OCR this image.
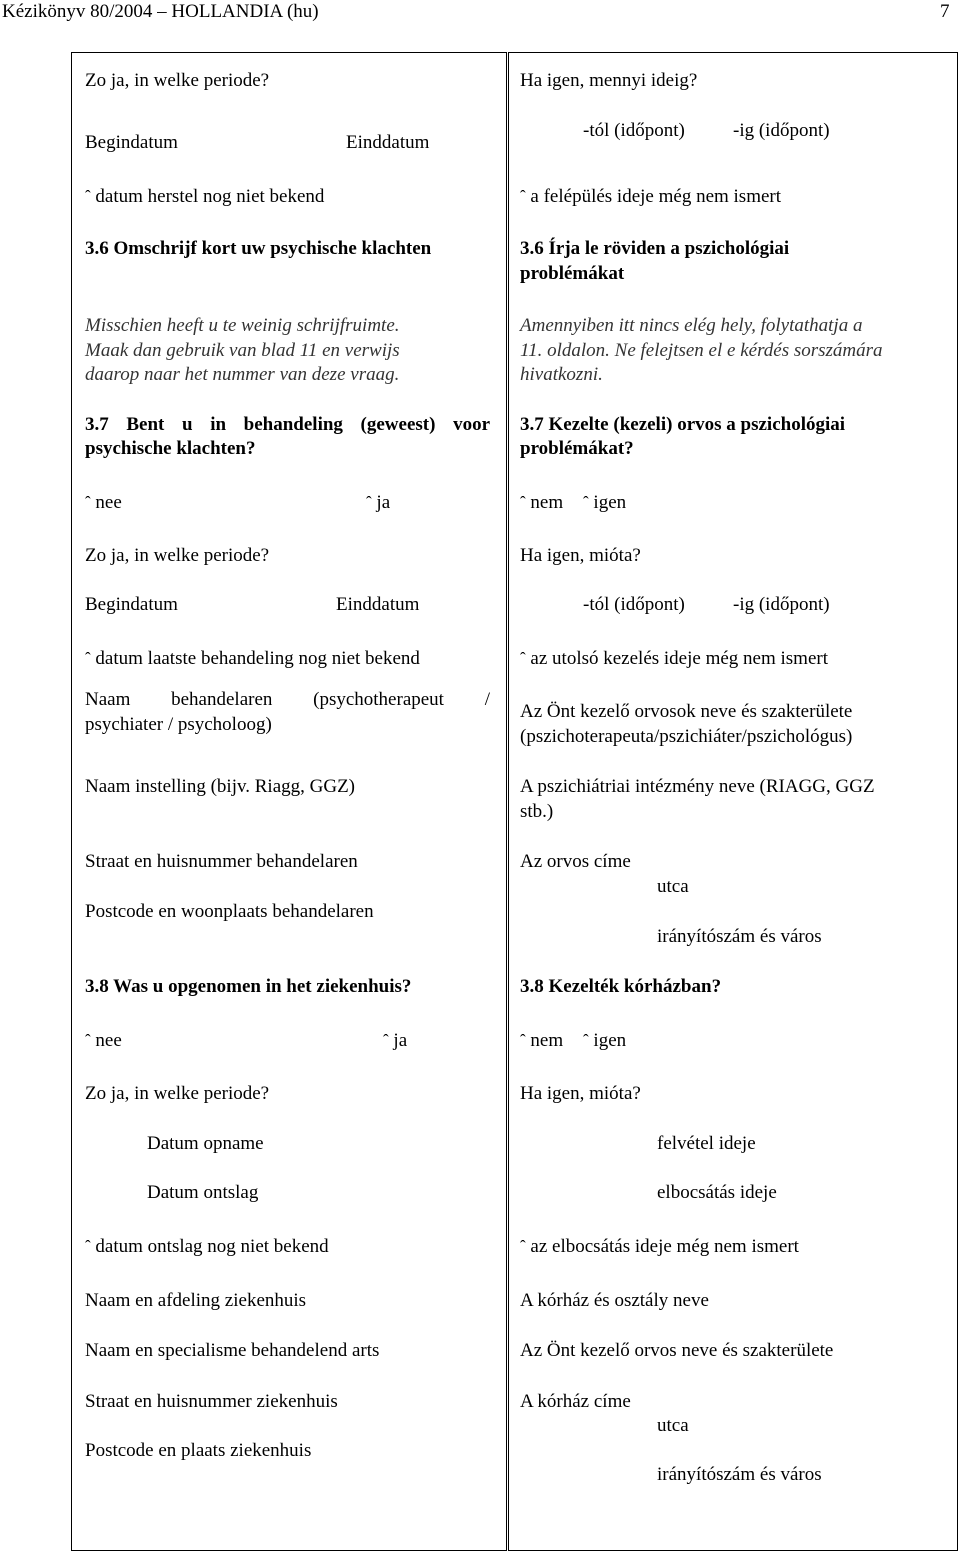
Kézikönyv 80/2004 – HOLLANDIA (hu)	7
Zo ja, in welke periode?
Begindatum	Einddatum
ˆ datum herstel nog niet bekend
3.6 Omschrijf kort uw psychische klachten
Misschien heeft u te weinig schrijfruimte.
Maak dan gebruik van blad 11 en verwijs
daarop naar het nummer van deze vraag.
3.7 Bent u in behandeling (geweest) voor
psychische klachten?
ˆ nee	ˆ ja
Zo ja, in welke periode?
Begindatum	Einddatum
ˆ datum laatste behandeling nog niet bekend
Naam behandelaren (psychotherapeut /
psychiater / psycholoog)
Naam instelling (bijv. Riagg, GGZ)
Straat en huisnummer behandelaren
Postcode en woonplaats behandelaren
3.8 Was u opgenomen in het ziekenhuis?
ˆ nee	ˆ ja
Zo ja, in welke periode?
Datum opname
Datum ontslag
ˆ datum ontslag nog niet bekend
Naam en afdeling ziekenhuis
Naam en specialisme behandelend arts
Straat en huisnummer ziekenhuis
Postcode en plaats ziekenhuis
Ha igen, mennyi ideig?
-tól (időpont)	-ig (időpont)
ˆ a felépülés ideje még nem ismert
3.6 Írja le röviden a pszichológiai
problémákat
Amennyiben itt nincs elég hely, folytathatja a
11. oldalon. Ne felejtsen el e kérdés sorszámára
hivatkozni.
3.7 Kezelte (kezeli) orvos a pszichológiai
problémákat?
ˆ nem ˆ igen
Ha igen, mióta?
-tól (időpont)	-ig (időpont)
ˆ az utolsó kezelés ideje még nem ismert
Az Önt kezelő orvosok neve és szakterülete
(pszichoterapeuta/pszichiáter/pszichológus)
A pszichiátriai intézmény neve (RIAGG, GGZ
stb.)
Az orvos címe
utca
irányítószám és város
3.8 Kezelték kórházban?
ˆ nem ˆ igen
Ha igen, mióta?
felvétel ideje
elbocsátás ideje
ˆ az elbocsátás ideje még nem ismert
A kórház és osztály neve
Az Önt kezelő orvos neve és szakterülete
A kórház címe
utca
irányítószám és város
